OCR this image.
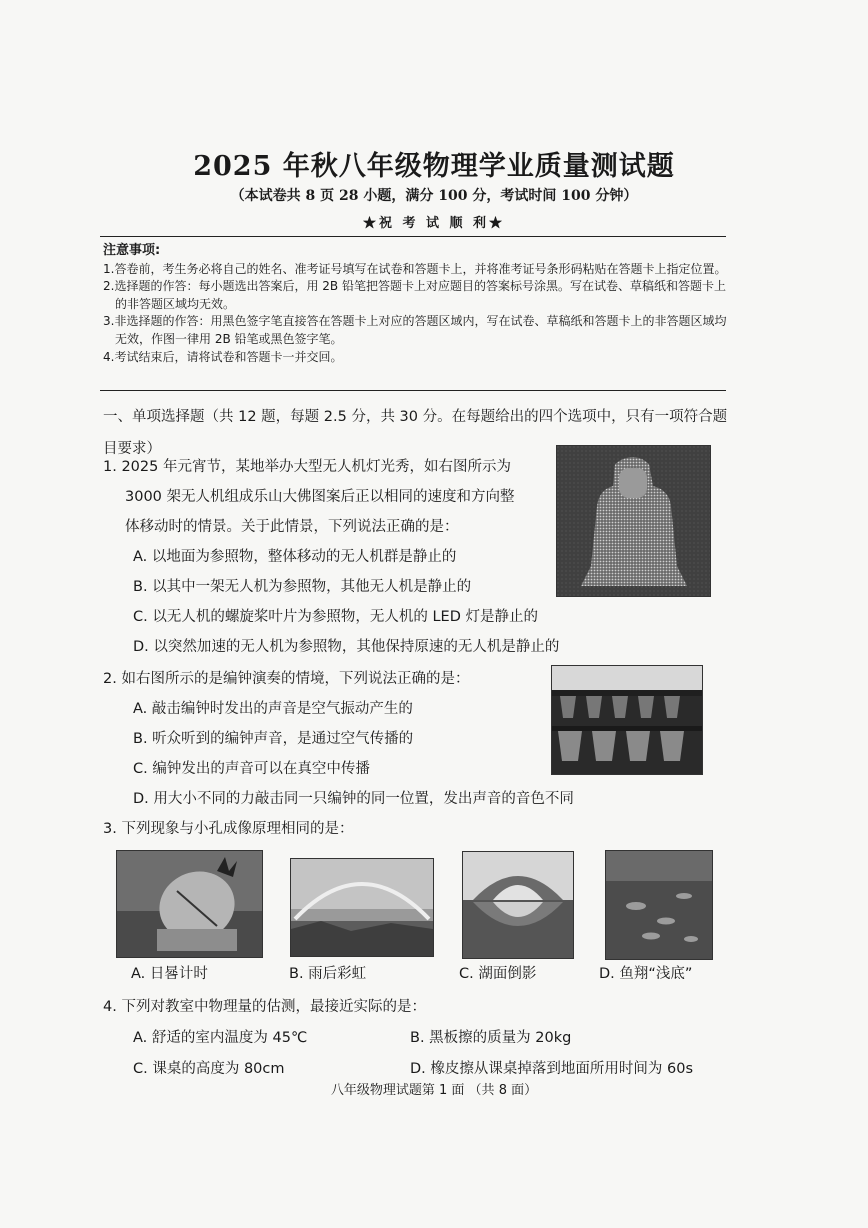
2025 年秋八年级物理学业质量测试题
（本试卷共 8 页 28 小题，满分 100 分，考试时间 100 分钟）
★祝 考 试 顺 利★
注意事项:
1.答卷前，考生务必将自己的姓名、准考证号填写在试卷和答题卡上，并将准考证号条形码粘贴在答题卡上指定位置。
2.选择题的作答：每小题选出答案后，用 2B 铅笔把答题卡上对应题目的答案标号涂黑。写在试卷、草稿纸和答题卡上的非答题区域均无效。
3.非选择题的作答：用黑色签字笔直接答在答题卡上对应的答题区域内，写在试卷、草稿纸和答题卡上的非答题区域均无效，作图一律用 2B 铅笔或黑色签字笔。
4.考试结束后，请将试卷和答题卡一并交回。
一、单项选择题（共 12 题，每题 2.5 分，共 30 分。在每题给出的四个选项中，只有一项符合题目要求）
1. 2025 年元宵节，某地举办大型无人机灯光秀，如右图所示为
3000 架无人机组成乐山大佛图案后正以相同的速度和方向整
体移动时的情景。关于此情景，下列说法正确的是：
A. 以地面为参照物，整体移动的无人机群是静止的
B. 以其中一架无人机为参照物，其他无人机是静止的
C. 以无人机的螺旋桨叶片为参照物，无人机的 LED 灯是静止的
D. 以突然加速的无人机为参照物，其他保持原速的无人机是静止的
2. 如右图所示的是编钟演奏的情境，下列说法正确的是：
A. 敲击编钟时发出的声音是空气振动产生的
B. 听众听到的编钟声音，是通过空气传播的
C. 编钟发出的声音可以在真空中传播
D. 用大小不同的力敲击同一只编钟的同一位置，发出声音的音色不同
3. 下列现象与小孔成像原理相同的是：
A. 日晷计时	B. 雨后彩虹	C. 湖面倒影	D. 鱼翔“浅底”
4. 下列对教室中物理量的估测，最接近实际的是：
A. 舒适的室内温度为 45℃	B. 黑板擦的质量为 20kg
C. 课桌的高度为 80cm	D. 橡皮擦从课桌掉落到地面所用时间为 60s
八年级物理试题第 1 面 （共 8 面）
